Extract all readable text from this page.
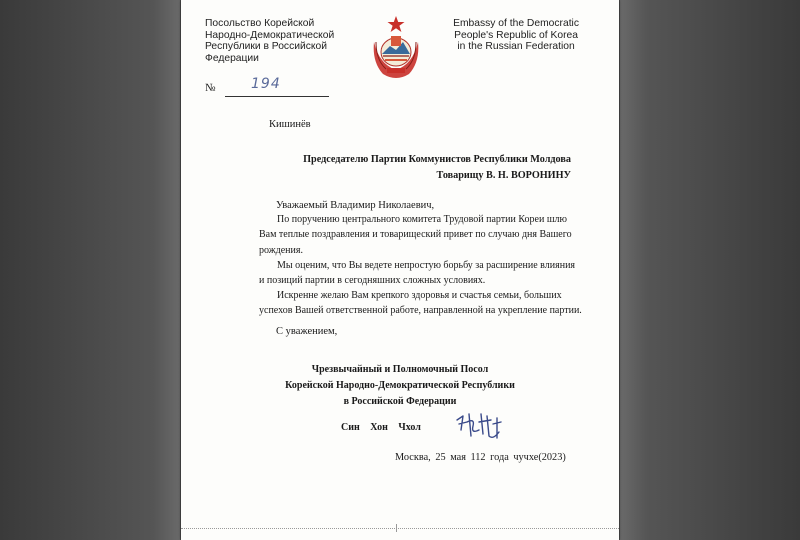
Посольство Корейской
Народно-Демократической
Республики в Российской
Федерации
Embassy of the Democratic
People's Republic of Korea
in the Russian Federation
№	194
Кишинёв
Председателю Партии Коммунистов Республики Молдова
Товарищу В. Н. ВОРОНИНУ
Уважаемый Владимир Николаевич,
По поручению центрального комитета Трудовой партии Кореи шлю
Вам теплые поздравления и товарищеский привет по случаю дня Вашего
рождения.
Мы оценим, что Вы ведете непростую борьбу за расширение влияния
и позиций партии в сегодняшних сложных условиях.
Искренне желаю Вам крепкого здоровья и счастья семьи, больших
успехов Вашей ответственной работе, направленной на укрепление партии.
С уважением,
Чрезвычайный и Полномочный Посол
Корейской Народно-Демократической Республики
в Российской Федерации
Син Хон Чхол
Москва, 25 мая 112 года чучхе(2023)
